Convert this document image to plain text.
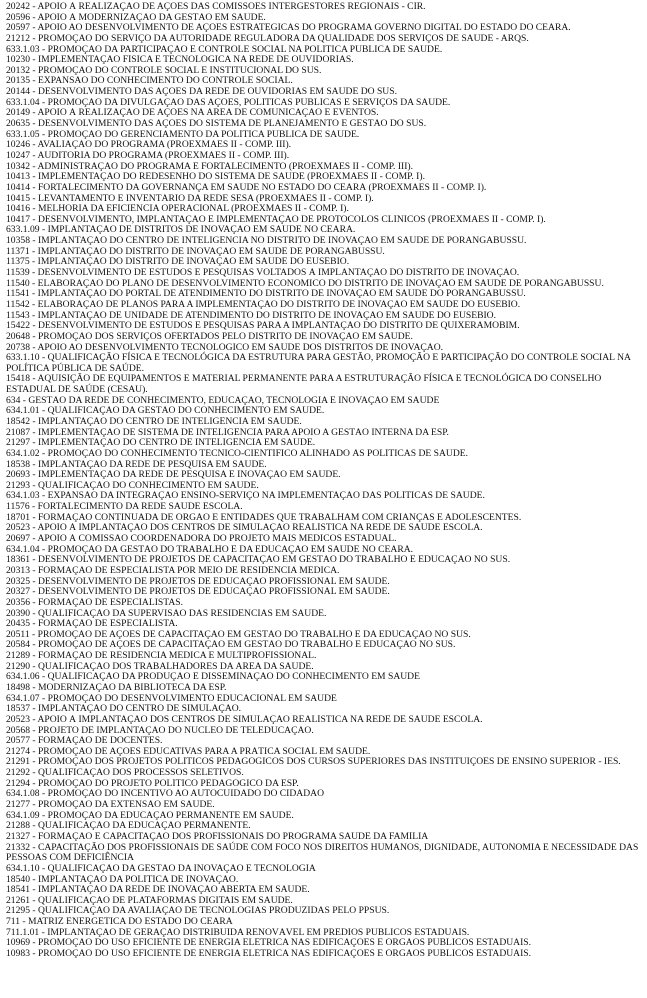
20242 - APOIO À REALIZAÇÃO DE AÇÕES DAS COMISSÕES INTERGESTORES REGIONAIS - CIR.

20596 - APOIO À MODERNIZAÇÃO DA GESTÃO EM SAÚDE.

20597 - APOIO AO DESENVOLVIMENTO DE AÇÕES ESTRATÉGICAS DO PROGRAMA GOVERNO DIGITAL DO ESTADO DO CEARÁ.

21212 - PROMOÇÃO DO SERVIÇO DA AUTORIDADE REGULADORA DA QUALIDADE DOS SERVIÇOS DE SAÚDE - ARQS.

633.1.03 - PROMOÇÃO DA PARTICIPAÇÃO E CONTROLE SOCIAL NA POLÍTICA PÚBLICA DE SAÚDE.

10230 - IMPLEMENTAÇÃO FÍSICA E TECNOLÓGICA NA REDE DE OUVIDORIAS.

20132 - PROMOÇÃO DO CONTROLE SOCIAL E INSTITUCIONAL DO SUS.

20135 - EXPANSÃO DO CONHECIMENTO DO CONTROLE SOCIAL.

20144 - DESENVOLVIMENTO DAS AÇÕES DA REDE DE OUVIDORIAS EM SAÚDE DO SUS.

633.1.04 - PROMOÇÃO DA DIVULGAÇÃO DAS AÇÕES, POLÍTICAS PÚBLICAS E SERVIÇOS DA SAÚDE.

20149 - APOIO À REALIZAÇÃO DE AÇÕES NA ÁREA DE COMUNICAÇÃO E EVENTOS.

20635 - DESENVOLVIMENTO DAS AÇÕES DO SISTEMA DE PLANEJAMENTO E GESTÃO DO SUS.

633.1.05 - PROMOÇÃO DO GERENCIAMENTO DA POLÍTICA PÚBLICA DE SAÚDE.

10246 - AVALIAÇÃO DO PROGRAMA (PROEXMAES II - COMP. III).

10247 - AUDITORIA DO PROGRAMA (PROEXMAES II - COMP. III).

10342 - ADMINISTRAÇÃO DO PROGRAMA E FORTALECIMENTO (PROEXMAES II - COMP. III).

10413 - IMPLEMENTAÇÃO DO REDESENHO DO SISTEMA DE SAÚDE (PROEXMAES II - COMP. I).

10414 - FORTALECIMENTO DA GOVERNANÇA EM SAÚDE NO ESTADO DO CEARÁ (PROEXMAES II - COMP. I).

10415 - LEVANTAMENTO E INVENTÁRIO DA REDE SESA (PROEXMAES II - COMP. I).

10416 - MELHORIA DA EFICIÊNCIA OPERACIONAL (PROEXMAES II - COMP. I).

10417 - DESENVOLVIMENTO, IMPLANTAÇÃO E IMPLEMENTAÇÃO DE PROTOCOLOS CLÍNICOS (PROEXMAES II - COMP. I).

633.1.09 - IMPLANTAÇÃO DE DISTRITOS DE INOVAÇÃO EM SAÚDE NO CEARÁ.

10358 - IMPLANTAÇÃO DO CENTRO DE INTELIGÊNCIA NO DISTRITO DE INOVAÇÃO EM SAÚDE DE PORANGABUSSU.

11371 - IMPLANTAÇÃO DO DISTRITO DE INOVAÇÃO EM SAÚDE DE PORANGABUSSU.

11375 - IMPLANTAÇÃO DO DISTRITO DE INOVAÇÃO EM SAÚDE DO EUSÉBIO.

11539 - DESENVOLVIMENTO DE ESTUDOS E PESQUISAS VOLTADOS À IMPLANTAÇÃO DO DISTRITO DE INOVAÇÃO.

11540 - ELABORAÇÃO DO PLANO DE DESENVOLVIMENTO ECONÔMICO DO DISTRITO DE INOVAÇÃO EM SAÚDE DE PORANGABUSSU.

11541 - IMPLANTAÇÃO DO PORTAL DE ATENDIMENTO DO DISTRITO DE INOVAÇÃO EM SAÚDE DO PORANGABUSSU.

11542 - ELABORAÇÃO DE PLANOS PARA A IMPLEMENTAÇÃO DO DISTRITO DE INOVAÇÃO EM SAÚDE DO EUSÉBIO.

11543 - IMPLANTAÇÃO DE UNIDADE DE ATENDIMENTO DO DISTRITO DE INOVAÇÃO EM SAÚDE DO EUSÉBIO.

15422 - DESENVOLVIMENTO DE ESTUDOS E PESQUISAS PARA A IMPLANTAÇÃO DO DISTRITO DE QUIXERAMOBIM.

20648 - PROMOÇÃO DOS SERVIÇOS OFERTADOS PELO DISTRITO DE INOVAÇÃO EM SAÚDE.

20738 - APOIO AO DESENVOLVIMENTO TECNOLÓGICO EM SAÚDE DOS DISTRITOS DE INOVAÇÃO.

633.1.10 - QUALIFICAÇÃO FÍSICA E TECNOLÓGICA DA ESTRUTURA PARA GESTÃO, PROMOÇÃO E PARTICIPAÇÃO DO CONTROLE SOCIAL NA POLÍTICA PÚBLICA DE SAÚDE.

15418 - AQUISIÇÃO DE EQUIPAMENTOS E MATERIAL PERMANENTE PARA A ESTRUTURAÇÃO FÍSICA E TECNOLÓGICA DO CONSELHO ESTADUAL DE SAÚDE (CESAU).

634 - GESTÃO DA REDE DE CONHECIMENTO, EDUCAÇÃO, TECNOLOGIA E INOVAÇÃO EM SAÚDE

634.1.01 - QUALIFICAÇÃO DA GESTÃO DO CONHECIMENTO EM SAÚDE.

18542 - IMPLANTAÇÃO DO CENTRO DE INTELIGÊNCIA EM SAÚDE.

21087 - IMPLEMENTAÇÃO DE SISTEMA DE INTELIGÊNCIA PARA APOIO A GESTÃO INTERNA DA ESP.

21297 - IMPLEMENTAÇÃO DO CENTRO DE INTELIGÊNCIA EM SAÚDE.

634.1.02 - PROMOÇÃO DO CONHECIMENTO TÉCNICO-CIENTÍFICO ALINHADO ÀS POLÍTICAS DE SAÚDE.

18538 - IMPLANTAÇÃO DA REDE DE PESQUISA EM SAÚDE.

20693 - IMPLEMENTAÇÃO DA REDE DE PESQUISA E INOVAÇÃO EM SAÚDE.

21293 - QUALIFICAÇÃO DO CONHECIMENTO EM SAÚDE.

634.1.03 - EXPANSÃO DA INTEGRAÇÃO ENSINO-SERVIÇO NA IMPLEMENTAÇÃO DAS POLÍTICAS DE SAÚDE.

11576 - FORTALECIMENTO DA REDE SAÚDE ESCOLA.

18701 - FORMAÇÃO CONTINUADA DE ÓRGÃO E ENTIDADES QUE TRABALHAM COM CRIANÇAS E ADOLESCENTES.

20523 - APOIO À IMPLANTAÇÃO DOS CENTROS DE SIMULAÇÃO REALÍSTICA NA REDE DE SAÚDE ESCOLA.

20697 - APOIO À COMISSÃO COORDENADORA DO PROJETO MAIS MÉDICOS ESTADUAL.

634.1.04 - PROMOÇÃO DA GESTÃO DO TRABALHO E DA EDUCAÇÃO EM SAÚDE NO CEARÁ.

18361 - DESENVOLVIMENTO DE PROJETOS DE CAPACITAÇÃO EM GESTÃO DO TRABALHO E EDUCAÇÃO NO SUS.

20313 - FORMAÇÃO DE ESPECIALISTA POR MEIO DE RESIDÊNCIA MÉDICA.

20325 - DESENVOLVIMENTO DE PROJETOS DE EDUCAÇÃO PROFISSIONAL EM SAÚDE.

20327 - DESENVOLVIMENTO DE PROJETOS DE EDUCAÇÃO PROFISSIONAL EM SAÚDE.

20356 - FORMAÇÃO DE ESPECIALISTAS.

20390 - QUALIFICAÇÃO DA SUPERVISÃO DAS RESIDÊNCIAS EM SAÚDE.

20435 - FORMAÇÃO DE ESPECIALISTA.

20511 - PROMOÇÃO DE AÇÕES DE CAPACITAÇÃO EM GESTÃO DO TRABALHO E DA EDUCAÇÃO NO SUS.

20584 - PROMOÇÃO DE AÇÕES DE CAPACITAÇÃO EM GESTÃO DO TRABALHO E EDUCAÇÃO NO SUS.

21289 - FORMAÇÃO DE RESIDÊNCIA MÉDICA E MULTIPROFISSIONAL.

21290 - QUALIFICAÇÃO DOS TRABALHADORES DA ÁREA DA SAÚDE.

634.1.06 - QUALIFICAÇÃO DA PRODUÇÃO E DISSEMINAÇÃO DO CONHECIMENTO EM SAÚDE

18498 - MODERNIZAÇÃO DA BIBLIOTECA DA ESP.

634.1.07 - PROMOÇÃO DO DESENVOLVIMENTO EDUCACIONAL EM SAÚDE

18537 - IMPLANTAÇÃO DO CENTRO DE SIMULAÇÃO.

20523 - APOIO À IMPLANTAÇÃO DOS CENTROS DE SIMULAÇÃO REALÍSTICA NA REDE DE SAÚDE ESCOLA.

20568 - PROJETO DE IMPLANTAÇÃO DO NÚCLEO DE TELEDUCAÇÃO.

20577 - FORMAÇÃO DE DOCENTES.

21274 - PROMOÇÃO DE AÇÕES EDUCATIVAS PARA A PRÁTICA SOCIAL EM SAÚDE.

21291 - PROMOÇÃO DOS PROJETOS POLÍTICOS PEDAGÓGICOS DOS CURSOS SUPERIORES DAS INSTITUIÇÕES DE ENSINO SUPERIOR - IES.

21292 - QUALIFICAÇÃO DOS PROCESSOS SELETIVOS.

21294 - PROMOÇÃO DO PROJETO POLÍTICO PEDAGÓGICO DA ESP.

634.1.08 - PROMOÇÃO DO INCENTIVO AO AUTOCUIDADO DO CIDADÃO

21277 - PROMOÇÃO DA EXTENSÃO EM SAÚDE.

634.1.09 - PROMOÇÃO DA EDUCAÇÃO PERMANENTE EM SAÚDE.

21288 - QUALIFICAÇÃO DA EDUCAÇÃO PERMANENTE.

21327 - FORMAÇÃO E CAPACITAÇÃO DOS PROFISSIONAIS DO PROGRAMA SAÚDE DA FAMÍLIA

21332 - CAPACITAÇÃO DOS PROFISSIONAIS DE SAÚDE COM FOCO NOS DIREITOS HUMANOS, DIGNIDADE, AUTONOMIA E NECESSIDADE DAS PESSOAS COM DEFICIÊNCIA

634.1.10 - QUALIFICAÇÃO DA GESTÃO DA INOVAÇÃO E TECNOLOGIA

18540 - IMPLANTAÇÃO DA POLÍTICA DE INOVAÇÃO.

18541 - IMPLANTAÇÃO DA REDE DE INOVAÇÃO ABERTA EM SAÚDE.

21261 - QUALIFICAÇÃO DE PLATAFORMAS DIGITAIS EM SAÚDE.

21295 - QUALIFICAÇÃO DA AVALIAÇÃO DE TECNOLOGIAS PRODUZIDAS PELO PPSUS.

711 - MATRIZ ENERGÉTICA DO ESTADO DO CEARÁ

711.1.01 - IMPLANTAÇÃO DE GERAÇÃO DISTRIBUÍDA RENOVÁVEL EM PRÉDIOS PÚBLICOS ESTADUAIS.

10969 - PROMOÇÃO DO USO EFICIENTE DE ENERGIA ELÉTRICA NAS EDIFICAÇÕES E ÓRGÃOS PÚBLICOS ESTADUAIS.

10983 - PROMOÇÃO DO USO EFICIENTE DE ENERGIA ELÉTRICA NAS EDIFICAÇÕES E ÓRGÃOS PÚBLICOS ESTADUAIS.
